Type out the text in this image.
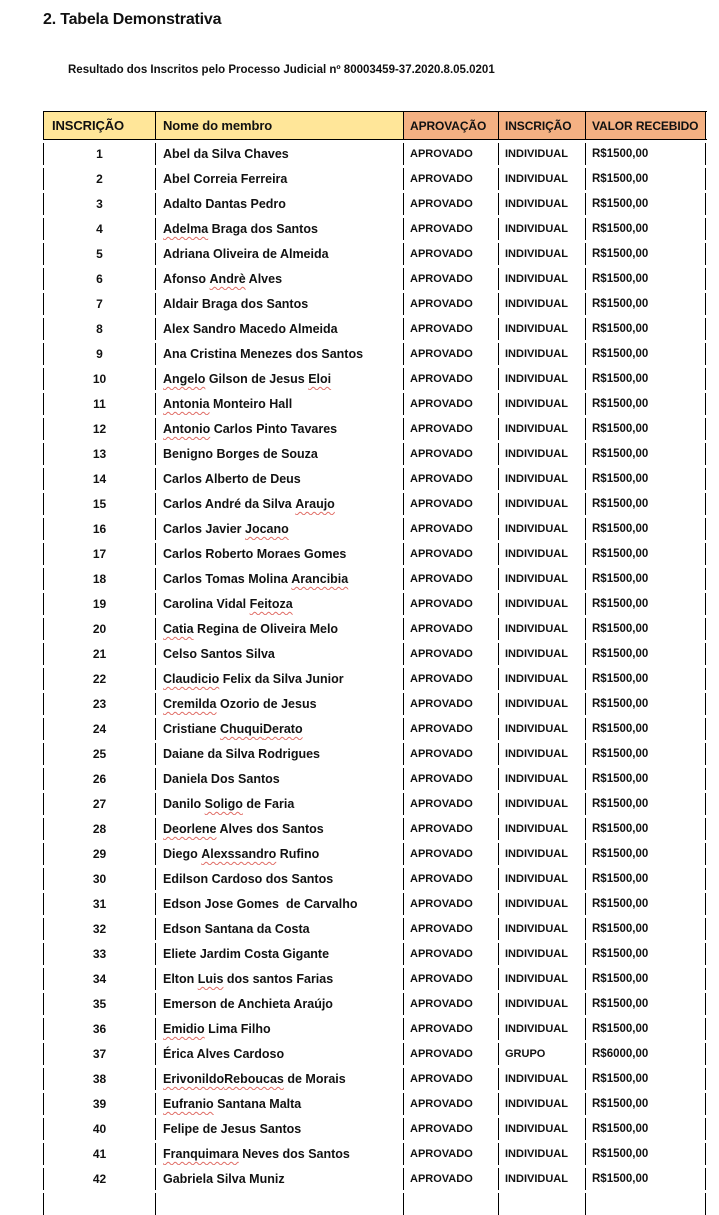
2. Tabela Demonstrativa
Resultado dos Inscritos pelo Processo Judicial nº 80003459-37.2020.8.05.0201
INSCRIÇÃO	Nome do membro	APROVAÇÃO	INSCRIÇÃO	VALOR RECEBIDO
1	Abel da Silva Chaves	APROVADO	INDIVIDUAL	R$1500,00
2	Abel Correia Ferreira	APROVADO	INDIVIDUAL	R$1500,00
3	Adalto Dantas Pedro	APROVADO	INDIVIDUAL	R$1500,00
4	Adelma Braga dos Santos	APROVADO	INDIVIDUAL	R$1500,00
5	Adriana Oliveira de Almeida	APROVADO	INDIVIDUAL	R$1500,00
6	Afonso Andrè Alves	APROVADO	INDIVIDUAL	R$1500,00
7	Aldair Braga dos Santos	APROVADO	INDIVIDUAL	R$1500,00
8	Alex Sandro Macedo Almeida	APROVADO	INDIVIDUAL	R$1500,00
9	Ana Cristina Menezes dos Santos	APROVADO	INDIVIDUAL	R$1500,00
10	Angelo Gilson de Jesus Eloi	APROVADO	INDIVIDUAL	R$1500,00
11	Antonia Monteiro Hall	APROVADO	INDIVIDUAL	R$1500,00
12	Antonio Carlos Pinto Tavares	APROVADO	INDIVIDUAL	R$1500,00
13	Benigno Borges de Souza	APROVADO	INDIVIDUAL	R$1500,00
14	Carlos Alberto de Deus	APROVADO	INDIVIDUAL	R$1500,00
15	Carlos André da Silva Araujo	APROVADO	INDIVIDUAL	R$1500,00
16	Carlos Javier Jocano	APROVADO	INDIVIDUAL	R$1500,00
17	Carlos Roberto Moraes Gomes	APROVADO	INDIVIDUAL	R$1500,00
18	Carlos Tomas Molina Arancibia	APROVADO	INDIVIDUAL	R$1500,00
19	Carolina Vidal Feitoza	APROVADO	INDIVIDUAL	R$1500,00
20	Catia Regina de Oliveira Melo	APROVADO	INDIVIDUAL	R$1500,00
21	Celso Santos Silva	APROVADO	INDIVIDUAL	R$1500,00
22	Claudicio Felix da Silva Junior	APROVADO	INDIVIDUAL	R$1500,00
23	Cremilda Ozorio de Jesus	APROVADO	INDIVIDUAL	R$1500,00
24	Cristiane Chuqui Derato	APROVADO	INDIVIDUAL	R$1500,00
25	Daiane da Silva Rodrigues	APROVADO	INDIVIDUAL	R$1500,00
26	Daniela Dos Santos	APROVADO	INDIVIDUAL	R$1500,00
27	Danilo Soligo de Faria	APROVADO	INDIVIDUAL	R$1500,00
28	Deorlene Alves dos Santos	APROVADO	INDIVIDUAL	R$1500,00
29	Diego Alexssandro Rufino	APROVADO	INDIVIDUAL	R$1500,00
30	Edilson Cardoso dos Santos	APROVADO	INDIVIDUAL	R$1500,00
31	Edson Jose Gomes  de Carvalho	APROVADO	INDIVIDUAL	R$1500,00
32	Edson Santana da Costa	APROVADO	INDIVIDUAL	R$1500,00
33	Eliete Jardim Costa Gigante	APROVADO	INDIVIDUAL	R$1500,00
34	Elton Luis dos santos Farias	APROVADO	INDIVIDUAL	R$1500,00
35	Emerson de Anchieta Araújo	APROVADO	INDIVIDUAL	R$1500,00
36	Emidio Lima Filho	APROVADO	INDIVIDUAL	R$1500,00
37	Érica Alves Cardoso	APROVADO	GRUPO	R$6000,00
38	Erivonildo Reboucas de Morais	APROVADO	INDIVIDUAL	R$1500,00
39	Eufranio Santana Malta	APROVADO	INDIVIDUAL	R$1500,00
40	Felipe de Jesus Santos	APROVADO	INDIVIDUAL	R$1500,00
41	Franquimara Neves dos Santos	APROVADO	INDIVIDUAL	R$1500,00
42	Gabriela Silva Muniz	APROVADO	INDIVIDUAL	R$1500,00
